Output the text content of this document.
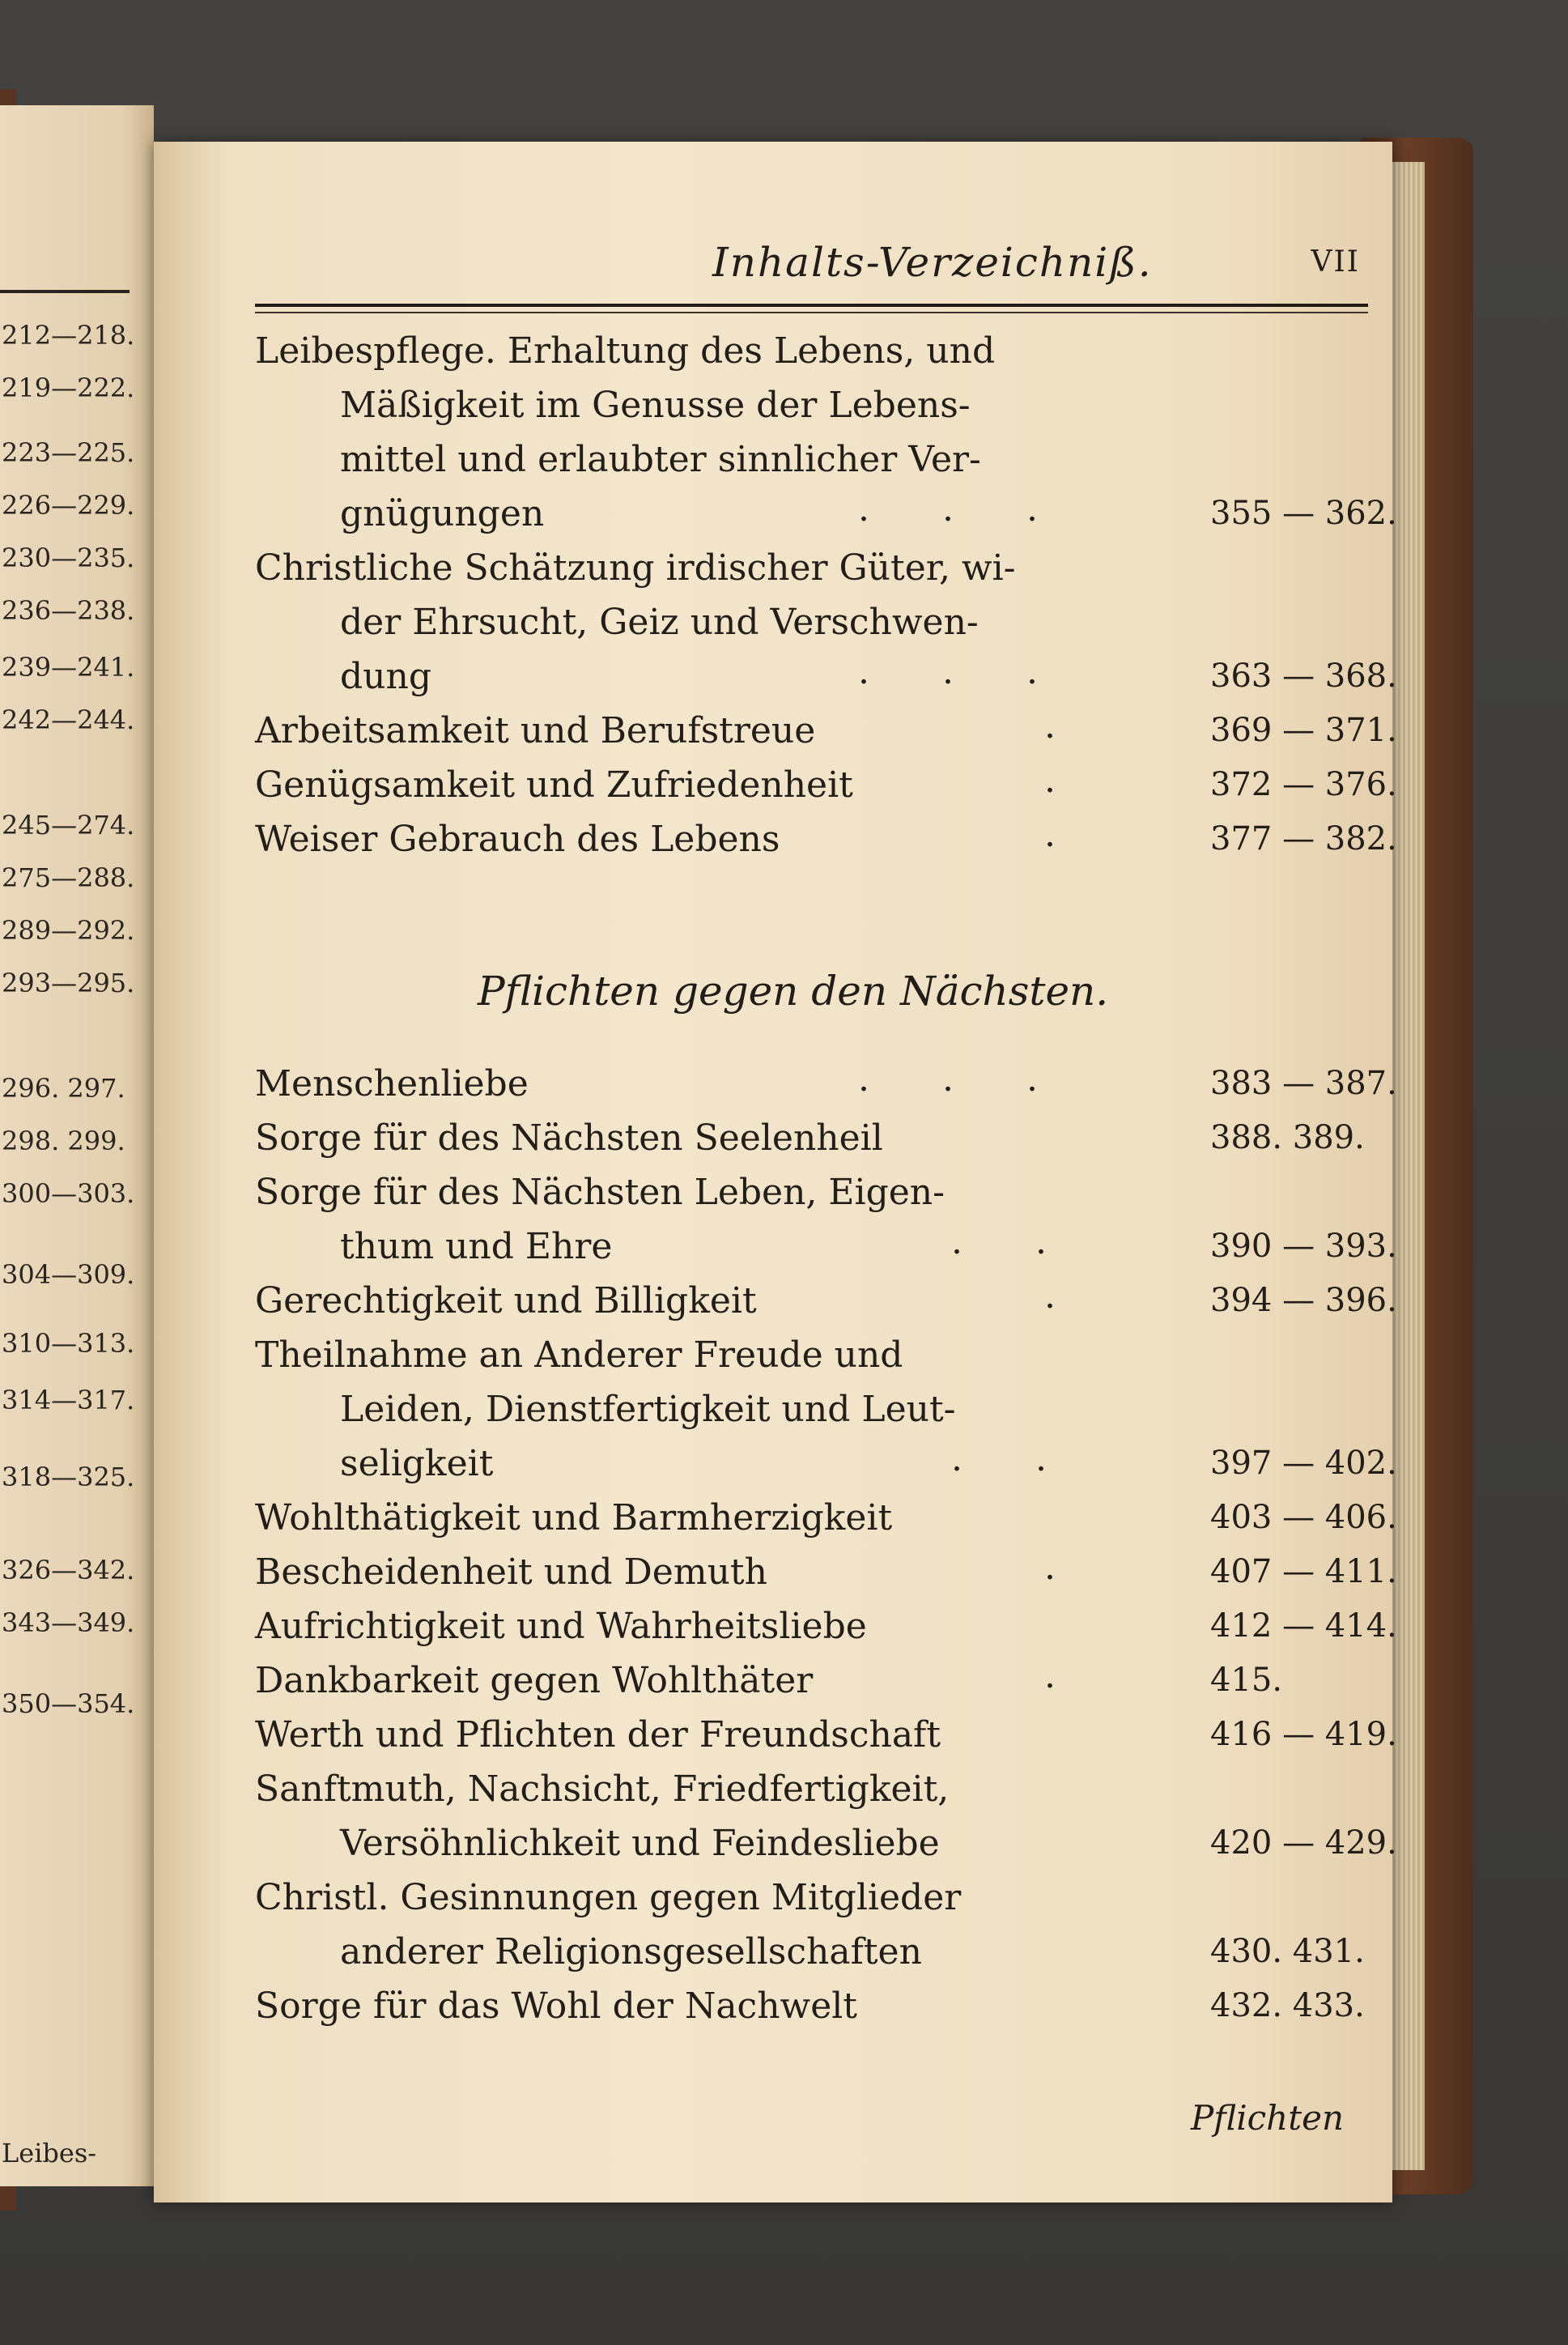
212—218.
219—222.
223—225.
226—229.
230—235.
236—238.
239—241.
242—244.
245—274.
275—288.
289—292.
293—295.
296. 297.
298. 299.
300—303.
304—309.
310—313.
314—317.
318—325.
326—342.
343—349.
350—354.
Leibes-
Inhalts-Verzeichniß.	VII
Leibespflege. Erhaltung des Lebens, und
Mäßigkeit im Genusse der Lebens-
mittel und erlaubter sinnlicher Ver-
gnügungen	355 — 362.
...
Christliche Schätzung irdischer Güter, wi-
der Ehrsucht, Geiz und Verschwen-
dung	363 — 368.
...
Arbeitsamkeit und Berufstreue	369 — 371.
.
Genügsamkeit und Zufriedenheit	372 — 376.
.
Weiser Gebrauch des Lebens	377 — 382.
.
Pflichten gegen den Nächsten.
Menschenliebe	383 — 387.
...
Sorge für des Nächsten Seelenheil	388. 389.
Sorge für des Nächsten Leben, Eigen-
thum und Ehre	390 — 393.
..
Gerechtigkeit und Billigkeit	394 — 396.
.
Theilnahme an Anderer Freude und
Leiden, Dienstfertigkeit und Leut-
seligkeit	397 — 402.
..
Wohlthätigkeit und Barmherzigkeit	403 — 406.
Bescheidenheit und Demuth	407 — 411.
.
Aufrichtigkeit und Wahrheitsliebe	412 — 414.
Dankbarkeit gegen Wohlthäter	415.
.
Werth und Pflichten der Freundschaft	416 — 419.
Sanftmuth, Nachsicht, Friedfertigkeit,
Versöhnlichkeit und Feindesliebe	420 — 429.
Christl. Gesinnungen gegen Mitglieder
anderer Religionsgesellschaften	430. 431.
Sorge für das Wohl der Nachwelt	432. 433.
Pflichten
